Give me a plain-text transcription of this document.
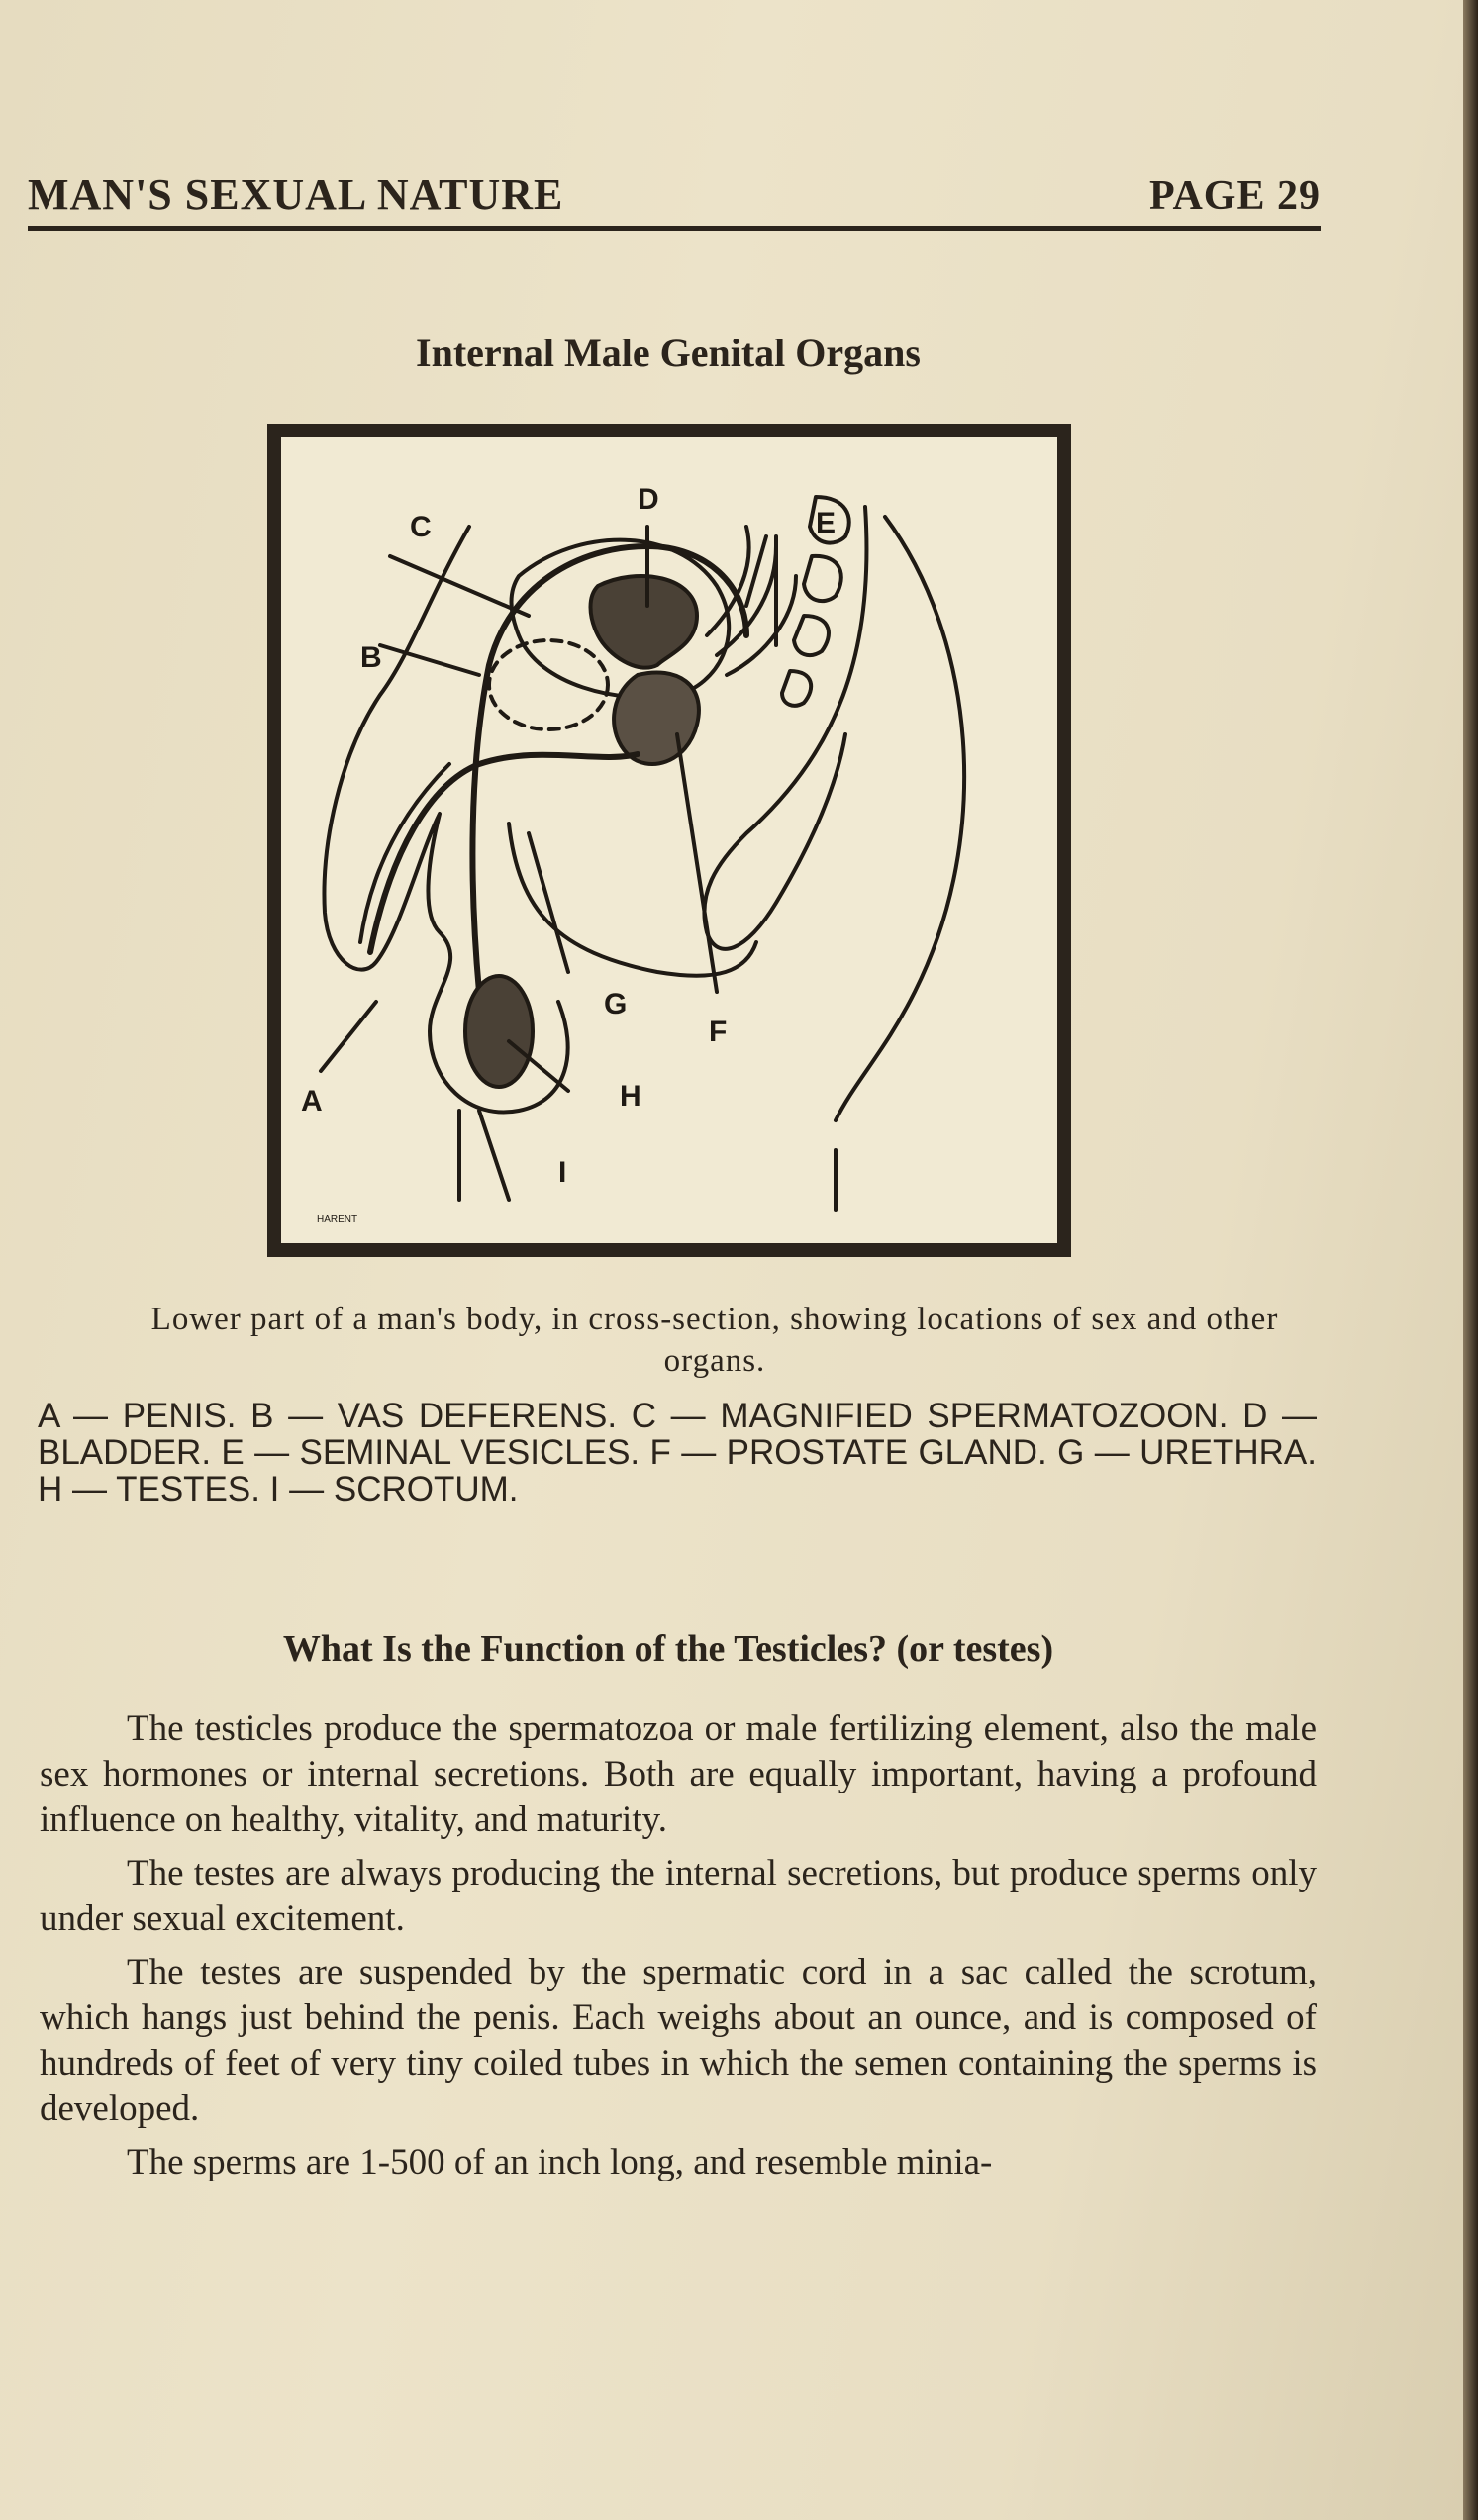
MAN'S SEXUAL NATURE	PAGE 29
Internal Male Genital Organs
A
B
C
D
E
F
G
H
I
HARENT
Lower part of a man's body, in cross-section, showing locations of sex and other organs.
A — PENIS. B — VAS DEFERENS. C — MAGNIFIED SPERMATOZOON. D — BLADDER. E — SEMINAL VESICLES. F — PROSTATE GLAND. G — URETHRA. H — TESTES. I — SCROTUM.
What Is the Function of the Testicles? (or testes)

The testicles produce the spermatozoa or male fertilizing element, also the male sex hormones or internal secretions. Both are equally important, having a profound influence on healthy, vitality, and maturity.

The testes are always producing the internal secretions, but produce sperms only under sexual excitement.

The testes are suspended by the spermatic cord in a sac called the scrotum, which hangs just behind the penis. Each weighs about an ounce, and is composed of hundreds of feet of very tiny coiled tubes in which the semen containing the sperms is developed.

The sperms are 1-500 of an inch long, and resemble minia-
